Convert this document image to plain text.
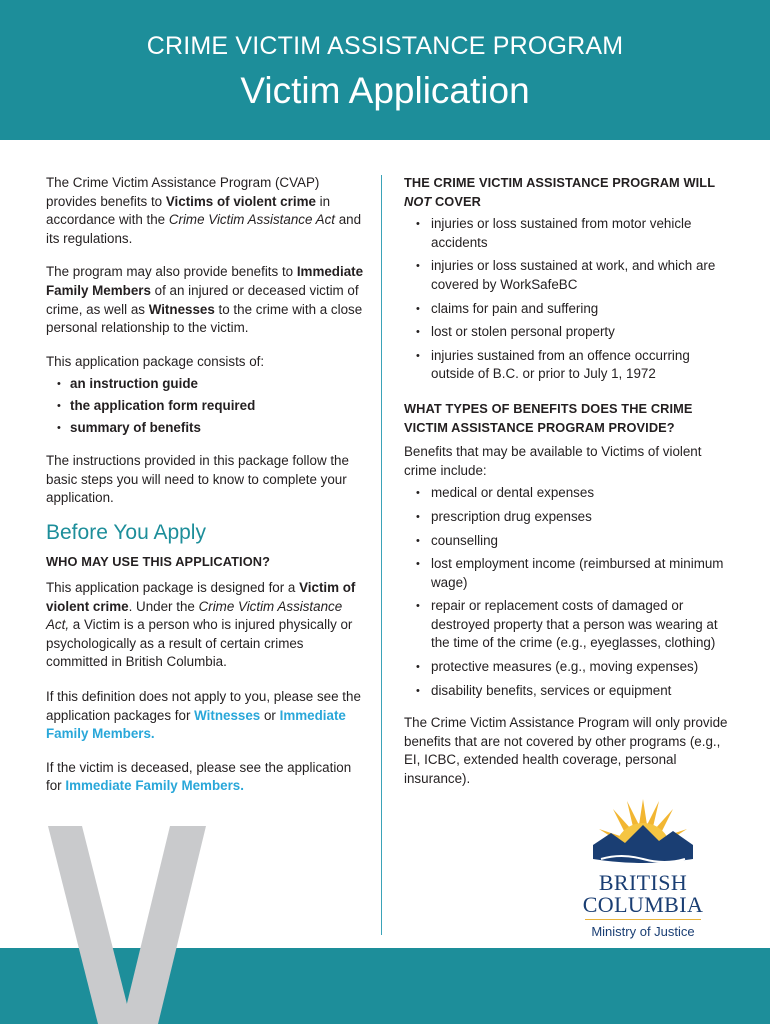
CRIME VICTIM ASSISTANCE PROGRAM
Victim Application

The Crime Victim Assistance Program (CVAP) provides benefits to Victims of violent crime in accordance with the Crime Victim Assistance Act and its regulations.

The program may also provide benefits to Immediate Family Members of an injured or deceased victim of crime, as well as Witnesses to the crime with a close personal relationship to the victim.

This application package consists of:

• an instruction guide
• the application form required
• summary of benefits

The instructions provided in this package follow the basic steps you will need to know to complete your application.

Before You Apply

WHO MAY USE THIS APPLICATION?

This application package is designed for a Victim of violent crime. Under the Crime Victim Assistance Act, a Victim is a person who is injured physically or psychologically as a result of certain crimes committed in British Columbia.

If this definition does not apply to you, please see the application packages for Witnesses or Immediate Family Members.

If the victim is deceased, please see the application for Immediate Family Members.

THE CRIME VICTIM ASSISTANCE PROGRAM WILL NOT COVER

• injuries or loss sustained from motor vehicle accidents
• injuries or loss sustained at work, and which are covered by WorkSafeBC
• claims for pain and suffering
• lost or stolen personal property
• injuries sustained from an offence occurring outside of B.C. or prior to July 1, 1972

WHAT TYPES OF BENEFITS DOES THE CRIME VICTIM ASSISTANCE PROGRAM PROVIDE?

Benefits that may be available to Victims of violent crime include:

• medical or dental expenses
• prescription drug expenses
• counselling
• lost employment income (reimbursed at minimum wage)
• repair or replacement costs of damaged or destroyed property that a person was wearing at the time of the crime (e.g., eyeglasses, clothing)
• protective measures (e.g., moving expenses)
• disability benefits, services or equipment

The Crime Victim Assistance Program will only provide benefits that are not covered by other programs (e.g., EI, ICBC, extended health coverage, personal insurance).

BRITISH
COLUMBIA
Ministry of Justice
